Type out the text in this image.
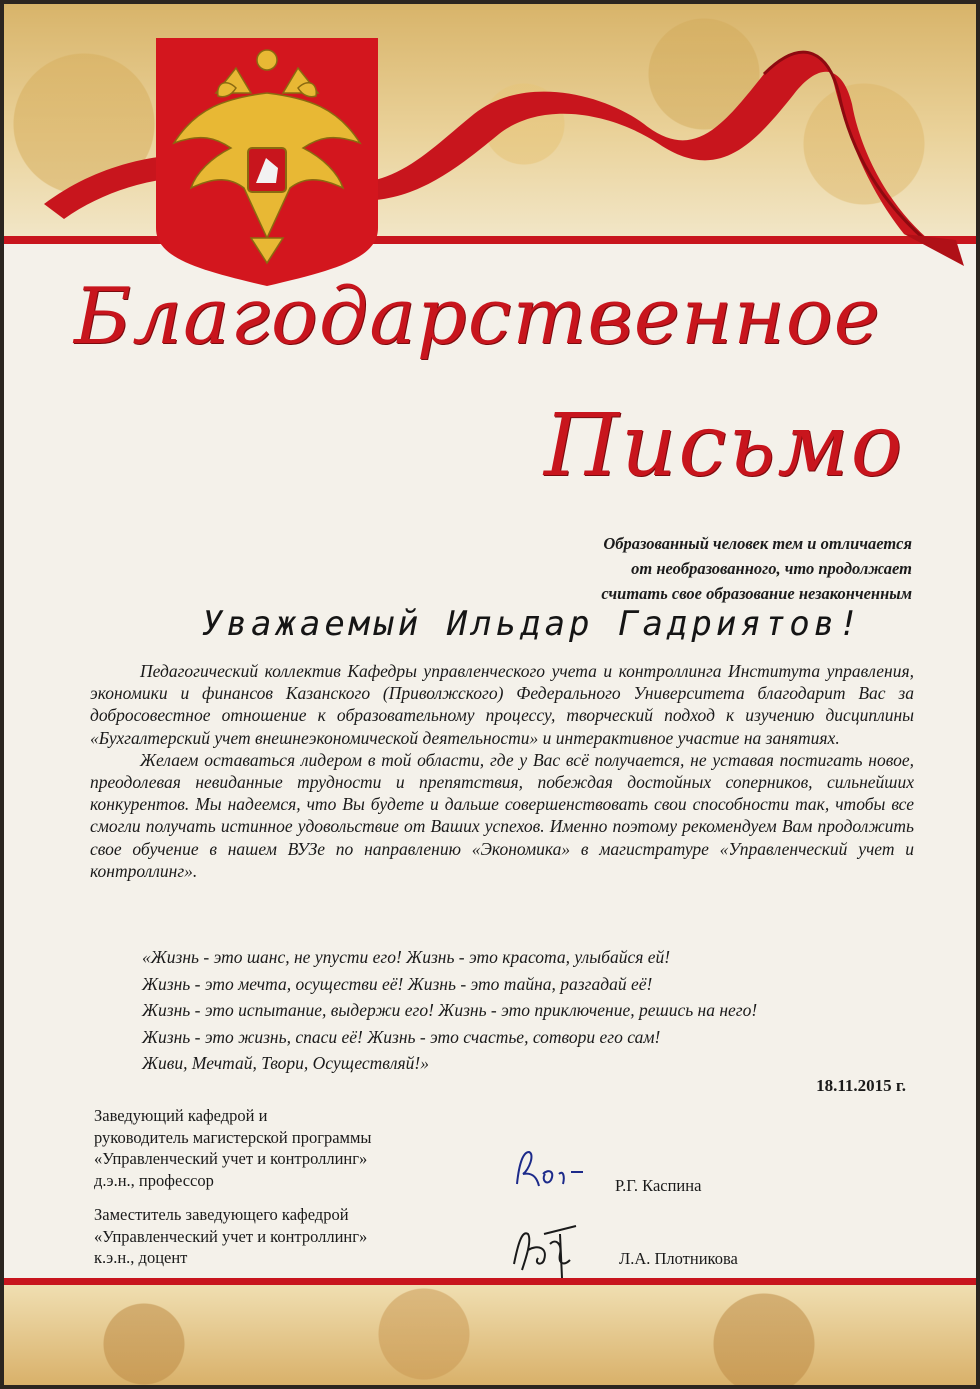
Благодарственное
Письмо
Образованный человек тем и отличается
от необразованного, что продолжает
считать свое образование незаконченным
Уважаемый Ильдар Гадриятов!

Педагогический коллектив Кафедры управленческого учета и контроллинга Института управления, экономики и финансов Казанского (Приволжского) Федерального Университета благодарит Вас за добросовестное отношение к образовательному процессу, творческий подход к изучению дисциплины «Бухгалтерский учет внешнеэкономической деятельности» и интерактивное участие на занятиях.

Желаем оставаться лидером в той области, где у Вас всё получается, не уставая постигать новое, преодолевая невиданные трудности и препятствия, побеждая достойных соперников, сильнейших конкурентов. Мы надеемся, что Вы будете и дальше совершенствовать свои способности так, чтобы все смогли получать истинное удовольствие от Ваших успехов. Именно поэтому рекомендуем Вам продолжить свое обучение в нашем ВУЗе по направлению «Экономика» в магистратуре «Управленческий учет и контроллинг».

«Жизнь - это шанс, не упусти его! Жизнь - это красота, улыбайся ей!
Жизнь - это мечта, осуществи её! Жизнь - это тайна, разгадай её!
Жизнь - это испытание, выдержи его! Жизнь - это приключение, решись на него!
Жизнь - это жизнь, спаси её! Жизнь - это счастье, сотвори его сам!
Живи, Мечтай, Твори, Осуществляй!»
18.11.2015 г.
Заведующий кафедрой и
руководитель магистерской программы
«Управленческий учет и контроллинг»
д.э.н., профессор
Заместитель заведующего кафедрой
«Управленческий учет и контроллинг»
к.э.н., доцент
Р.Г. Каспина
Л.А. Плотникова
